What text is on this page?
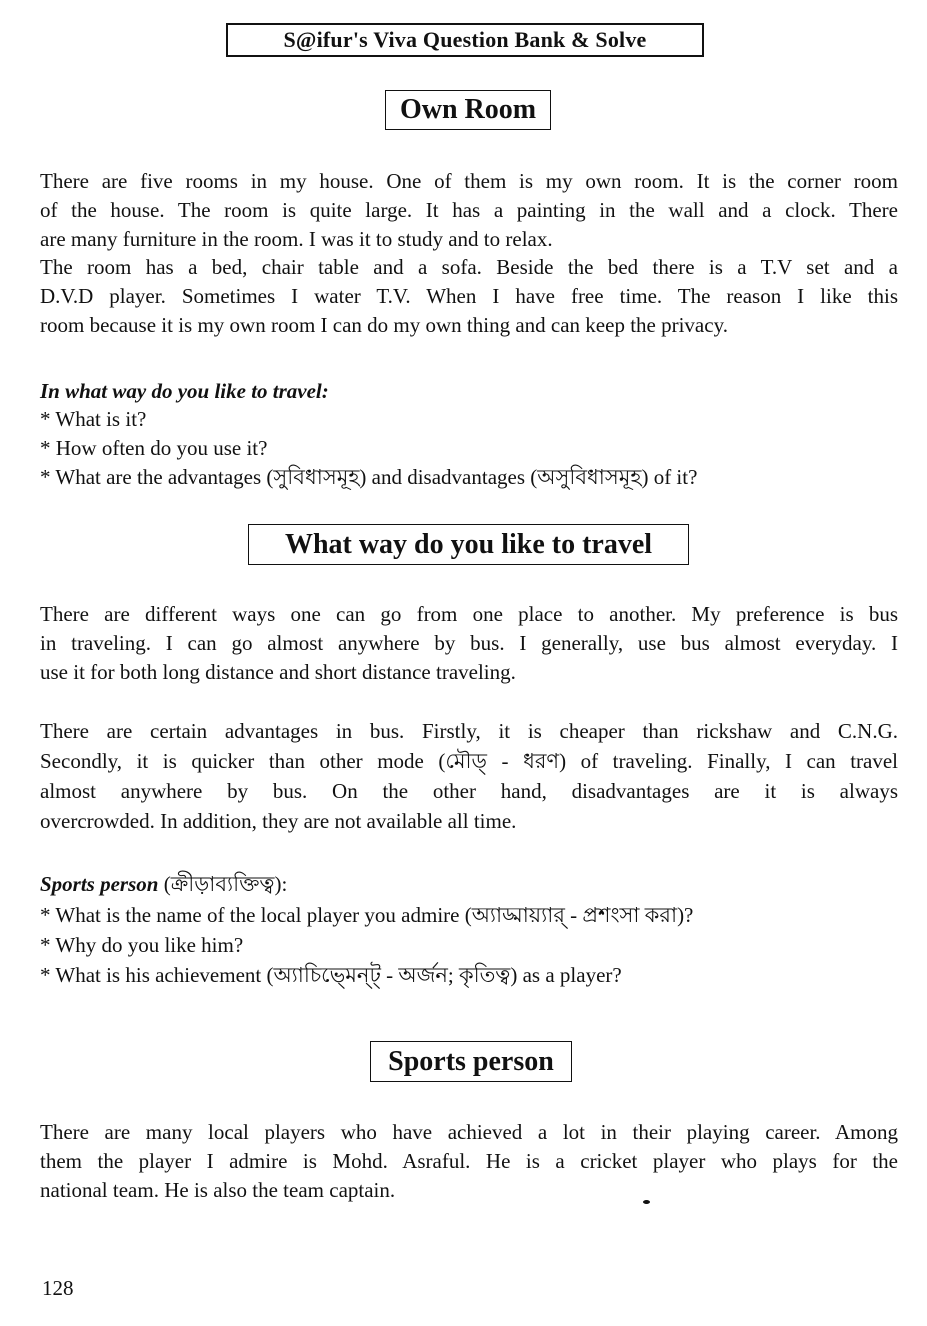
S@ifur's Viva Question Bank & Solve
Own Room
There are five rooms in my house. One of them is my own room. It is the corner room
of the house. The room is quite large. It has a painting in the wall and a clock. There
are many furniture in the room. I was it to study and to relax.
The room has a bed, chair table and a sofa. Beside the bed there is a T.V set and a
D.V.D player. Sometimes I water T.V. When I have free time. The reason I like this
room because it is my own room I can do my own thing and can keep the privacy.

In what way do you like to travel:

* What is it?

* How often do you use it?

* What are the advantages (সুবিধাসমূহ) and disadvantages (অসুবিধাসমূহ) of it?

What way do you like to travel
There are different ways one can go from one place to another. My preference is bus
in traveling. I can go almost anywhere by bus. I generally, use bus almost everyday. I
use it for both long distance and short distance traveling.
There are certain advantages in bus. Firstly, it is cheaper than rickshaw and C.N.G.
Secondly, it is quicker than other mode (মৌড্ - ধরণ) of traveling. Finally, I can travel
almost anywhere by bus. On the other hand, disadvantages are it is always
overcrowded. In addition, they are not available all time.

Sports person (ক্রীড়াব্যক্তিত্ব):

* What is the name of the local player you admire (অ্যাড্মায়্যার্ - প্রশংসা করা)?

* Why do you like him?

* What is his achievement (অ্যাচিভ্মেন্ট্ - অর্জন; কৃতিত্ব) as a player?

Sports person
There are many local players who have achieved a lot in their playing career. Among
them the player I admire is Mohd. Asraful. He is a cricket player who plays for the
national team. He is also the team captain.
128
